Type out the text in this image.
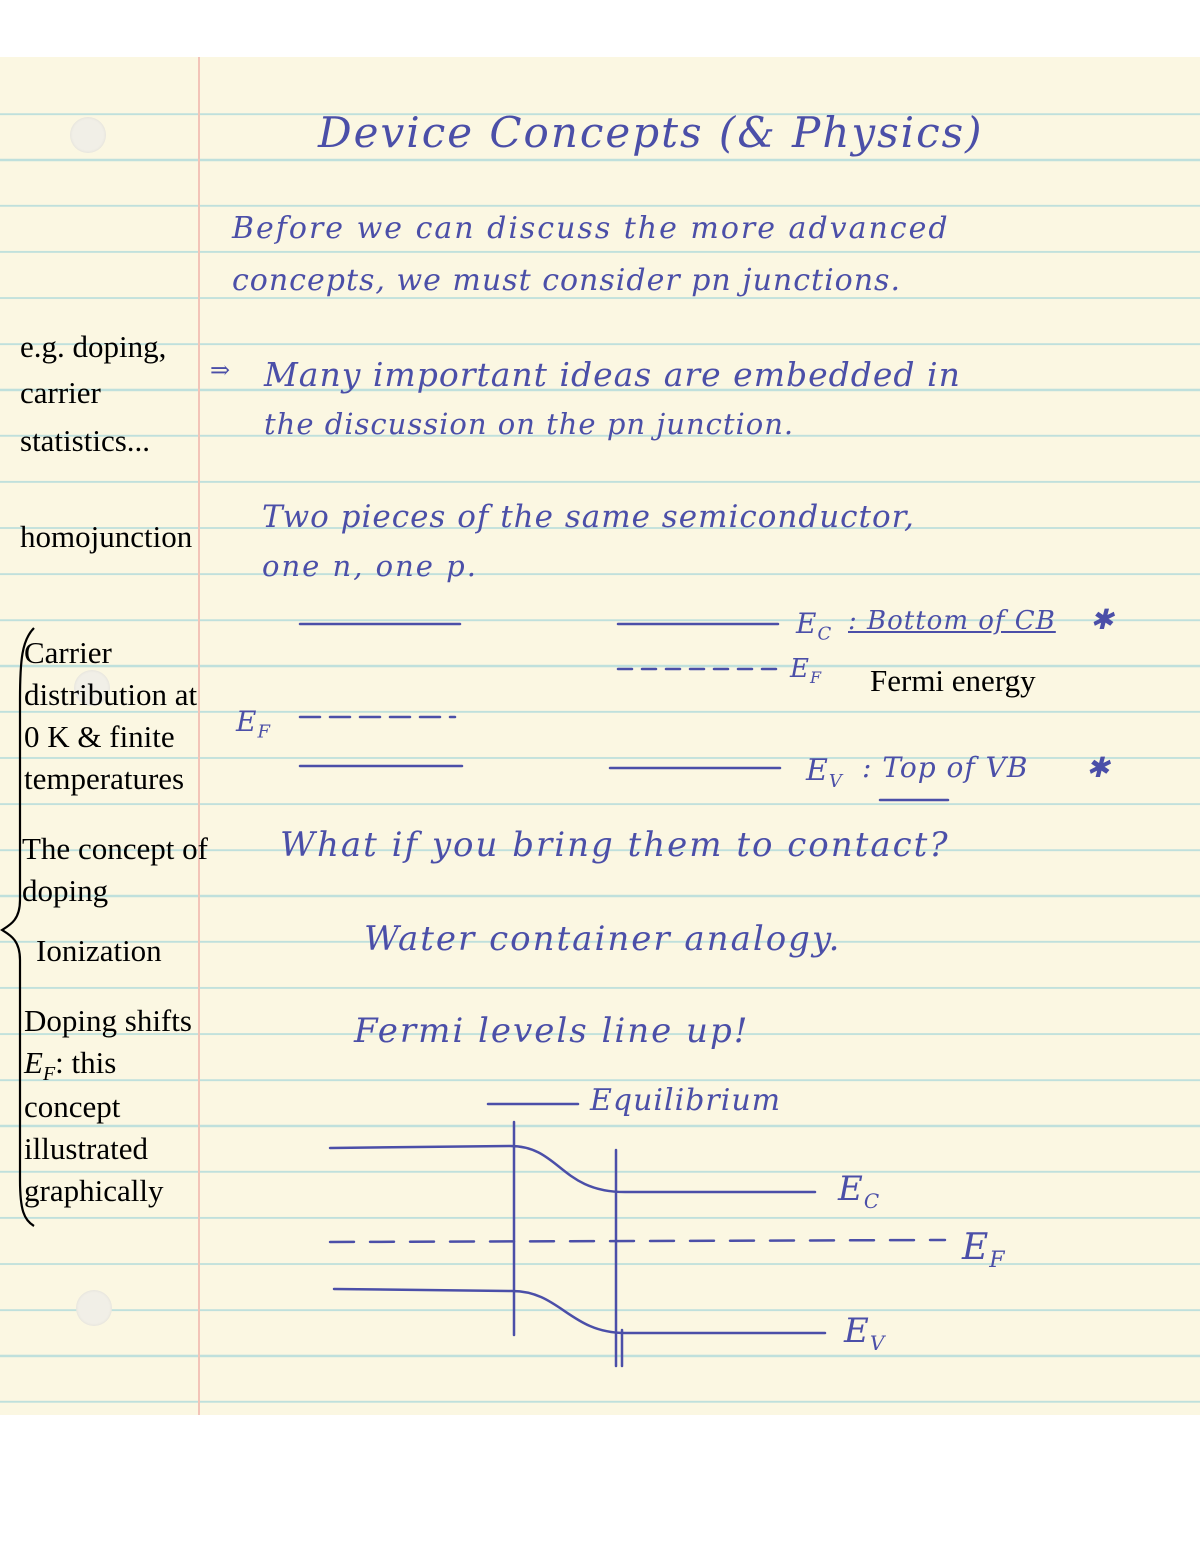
Device Concepts (& Physics)
Before we can discuss the more advanced
concepts, we must consider pn junctions.
⇒ Many important ideas are embedded in
the discussion on the pn junction.
Two pieces of the same semiconductor,
one n, one p.
$E_C$ : Bottom of CB ✱
$E_F$
$E_F$
$E_V$ : Top of VB ✱
What if you bring them to contact?
Water container analogy.
Fermi levels line up!
Equilibrium
$E_C$
$E_F$
$E_V$
e.g. doping,
carrier
statistics...
homojunction
Fermi energy
Carrier
distribution at
0 K & finite
temperatures
The concept of
doping
Ionization
Doping shifts
$E_F$: this
concept
illustrated
graphically
